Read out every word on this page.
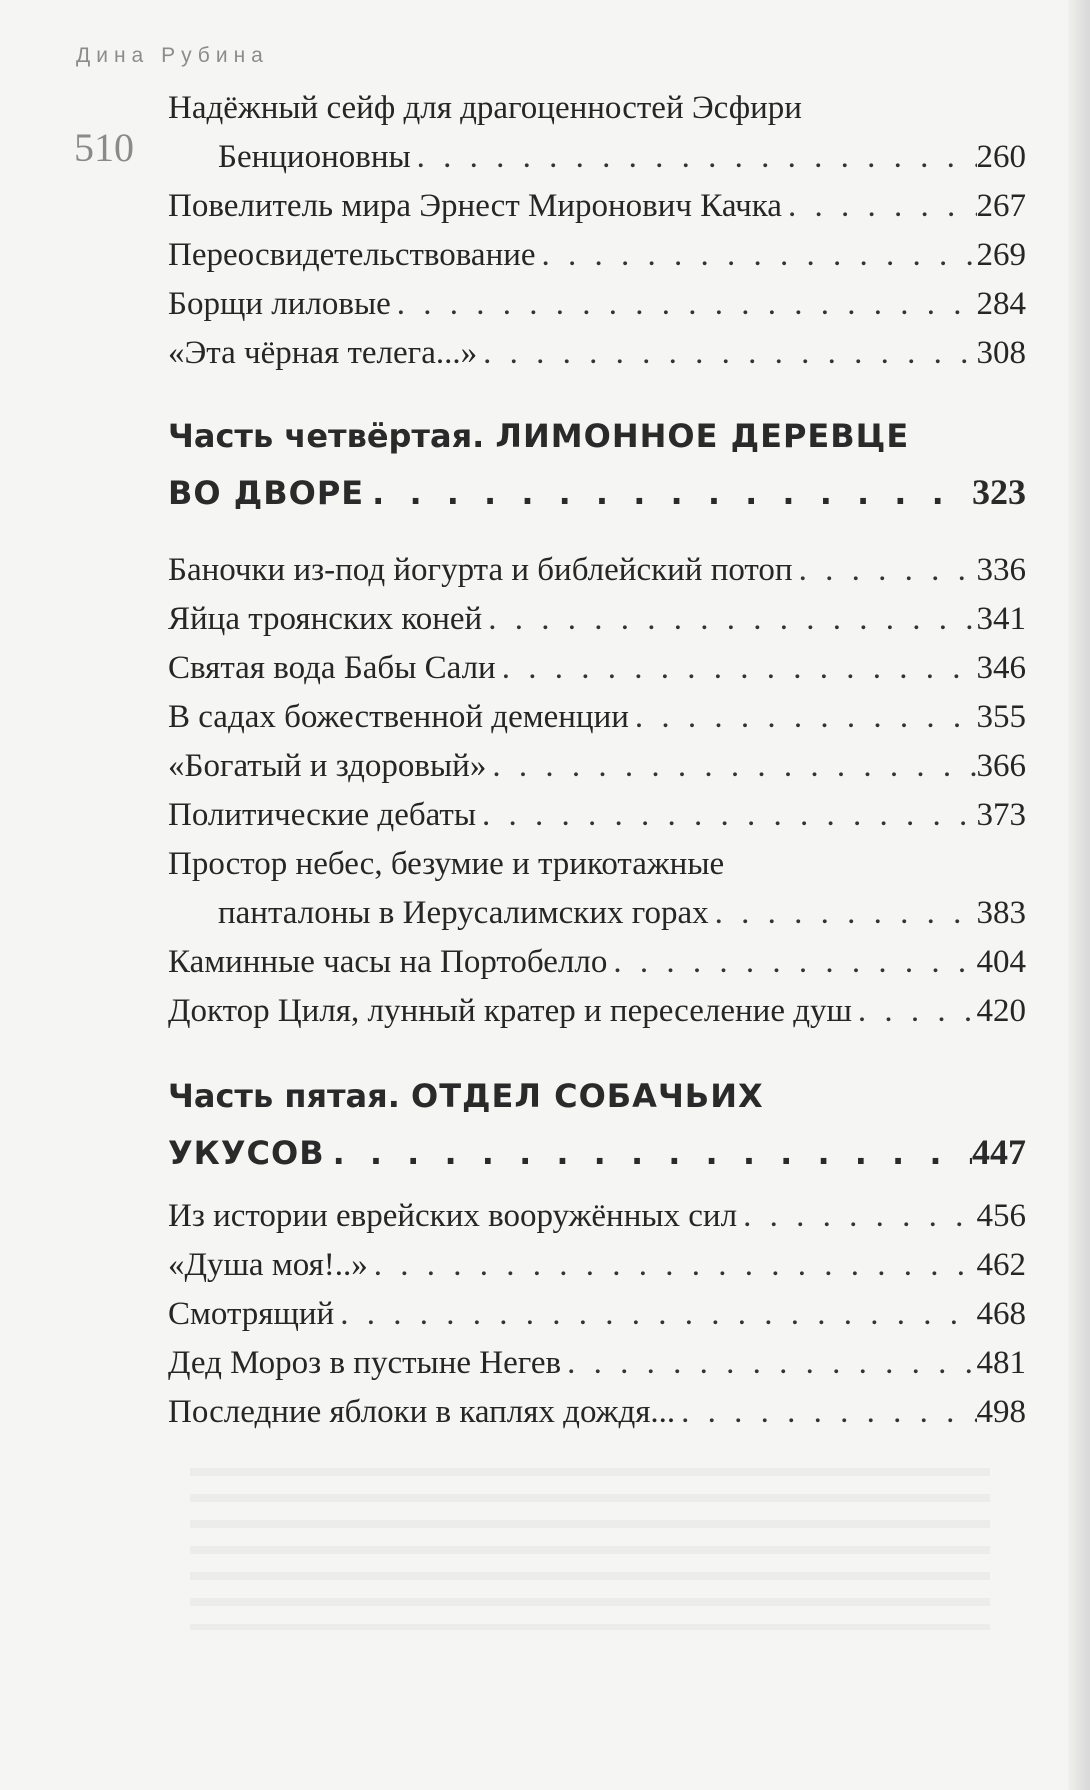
Дина Рубина
510
Надёжный сейф для драгоценностей Эсфири
Бенционовны . . .	260
Повелитель мира Эрнест Миронович Качка . . .	267
Переосвидетельствование . . .	269
Борщи лиловые . . .	284
«Эта чёрная телега...» . . .	308
Часть четвёртая. ЛИМОННОЕ ДЕРЕВЦЕ
ВО ДВОРЕ . . .	323
Баночки из-под йогурта и библейский потоп . . .	336
Яйца троянских коней . . .	341
Святая вода Бабы Сали . . .	346
В садах божественной деменции . . .	355
«Богатый и здоровый» . . .	366
Политические дебаты . . .	373
Простор небес, безумие и трикотажные
панталоны в Иерусалимских горах . . .	383
Каминные часы на Портобелло . . .	404
Доктор Циля, лунный кратер и переселение душ . . .	420
Часть пятая. ОТДЕЛ СОБАЧЬИХ
УКУСОВ . . .	447
Из истории еврейских вооружённых сил . . .	456
«Душа моя!..» . . .	462
Смотрящий . . .	468
Дед Мороз в пустыне Негев . . .	481
Последние яблоки в каплях дождя... . . .	498
